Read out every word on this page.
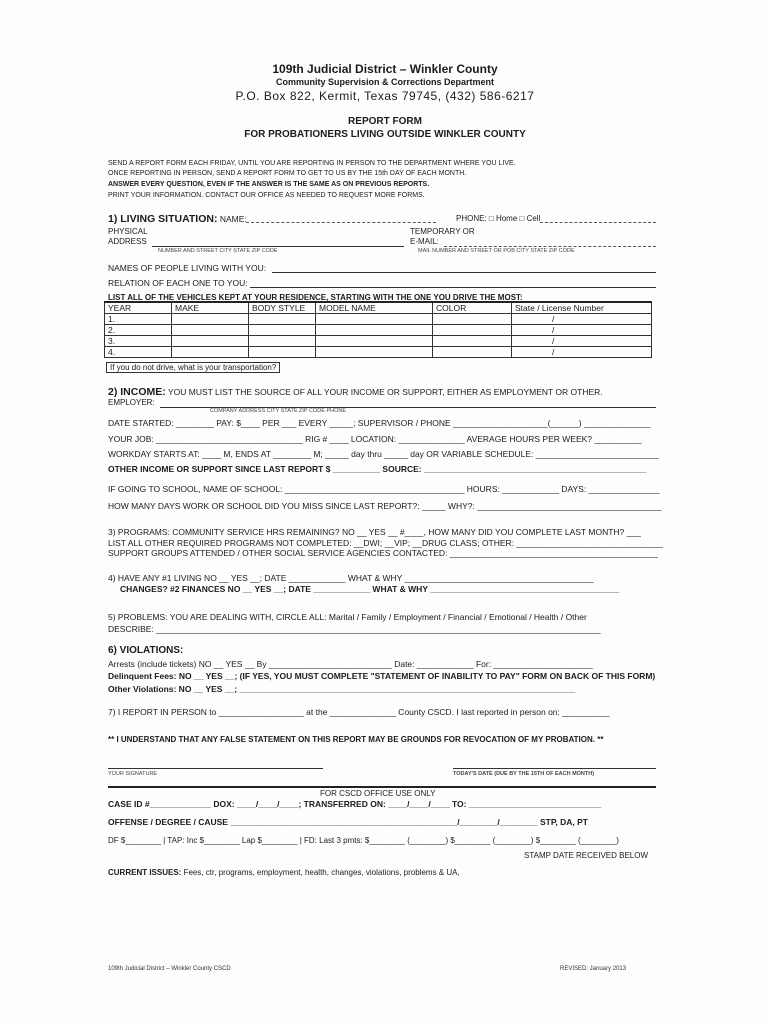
109th Judicial District – Winkler County
Community Supervision & Corrections Department
P.O. Box 822, Kermit, Texas 79745, (432) 586-6217
REPORT FORM
FOR PROBATIONERS LIVING OUTSIDE WINKLER COUNTY
SEND A REPORT FORM EACH FRIDAY, UNTIL YOU ARE REPORTING IN PERSON TO THE DEPARTMENT WHERE YOU LIVE.
ONCE REPORTING IN PERSON, SEND A REPORT FORM TO GET TO US BY THE 15th DAY OF EACH MONTH.
ANSWER EVERY QUESTION, EVEN IF THE ANSWER IS THE SAME AS ON PREVIOUS REPORTS.
PRINT YOUR INFORMATION. CONTACT OUR OFFICE AS NEEDED TO REQUEST MORE FORMS.
1) LIVING SITUATION: NAME:	PHONE: □ Home □ Cell
PHYSICAL
ADDRESS
TEMPORARY OR
E-MAIL:
NUMBER AND STREET CITY STATE ZIP CODE	MAIL NUMBER AND STREET OR POB CITY STATE ZIP CODE
NAMES OF PEOPLE LIVING WITH YOU:
RELATION OF EACH ONE TO YOU:
LIST ALL OF THE VEHICLES KEPT AT YOUR RESIDENCE, STARTING WITH THE ONE YOU DRIVE THE MOST:
YEAR	MAKE	BODY STYLE	MODEL NAME	COLOR	State / License Number
1.					/
2.					/
3.					/
4.					/
If you do not drive, what is your transportation?
2) INCOME: YOU MUST LIST THE SOURCE OF ALL YOUR INCOME OR SUPPORT, EITHER AS EMPLOYMENT OR OTHER.
EMPLOYER:
COMPANY ADDRESS CITY STATE ZIP CODE PHONE
DATE STARTED: ________ PAY: $____ PER ___ EVERY _____; SUPERVISOR / PHONE ____________________(______) ______________
YOUR JOB: _______________________________ RIG # ____ LOCATION: ______________ AVERAGE HOURS PER WEEK? __________
WORKDAY STARTS AT: ____ M, ENDS AT ________ M; _____ day thru _____ day OR VARIABLE SCHEDULE: __________________________
OTHER INCOME OR SUPPORT SINCE LAST REPORT $ __________ SOURCE: _______________________________________________
IF GOING TO SCHOOL, NAME OF SCHOOL: ______________________________________ HOURS: ____________ DAYS: _______________
HOW MANY DAYS WORK OR SCHOOL DID YOU MISS SINCE LAST REPORT?: _____ WHY?: _______________________________________
3) PROGRAMS: COMMUNITY SERVICE HRS REMAINING? NO __ YES __ #____, HOW MANY DID YOU COMPLETE LAST MONTH? ___
LIST ALL OTHER REQUIRED PROGRAMS NOT COMPLETED: __DWI; __VIP; __DRUG CLASS; OTHER: _______________________________
SUPPORT GROUPS ATTENDED / OTHER SOCIAL SERVICE AGENCIES CONTACTED: ____________________________________________
4) HAVE ANY #1 LIVING NO __ YES __; DATE ____________ WHAT & WHY ________________________________________
CHANGES? #2 FINANCES NO __ YES __; DATE ____________ WHAT & WHY ________________________________________
5) PROBLEMS: YOU ARE DEALING WITH, CIRCLE ALL: Marital / Family / Employment / Financial / Emotional / Health / Other
DESCRIBE: ______________________________________________________________________________________________
6) VIOLATIONS:
Arrests (include tickets) NO __ YES __ By __________________________ Date: ____________ For: _____________________
Delinquent Fees: NO __ YES __; (IF YES, YOU MUST COMPLETE "STATEMENT OF INABILITY TO PAY" FORM ON BACK OF THIS FORM)
Other Violations: NO __ YES __; _______________________________________________________________________
7) I REPORT IN PERSON to __________________ at the ______________ County CSCD. I last reported in person on: __________
** I UNDERSTAND THAT ANY FALSE STATEMENT ON THIS REPORT MAY BE GROUNDS FOR REVOCATION OF MY PROBATION. **
YOUR SIGNATURE	TODAY'S DATE (DUE BY THE 15TH OF EACH MONTH)
FOR CSCD OFFICE USE ONLY
CASE ID #_____________ DOX: ____/____/____; TRANSFERRED ON: ____/____/____ TO: ____________________________
OFFENSE / DEGREE / CAUSE ________________________________________________/________/________ STP, DA, PT
DF $________ | TAP: Inc $________ Lap $________ | FD: Last 3 pmts: $________ (________) $________ (________) $________ (________)
STAMP DATE RECEIVED BELOW
CURRENT ISSUES: Fees, ctr, programs, employment, health, changes, violations, problems & UA,
109th Judicial District – Winkler County CSCD	REVISED: January 2013
